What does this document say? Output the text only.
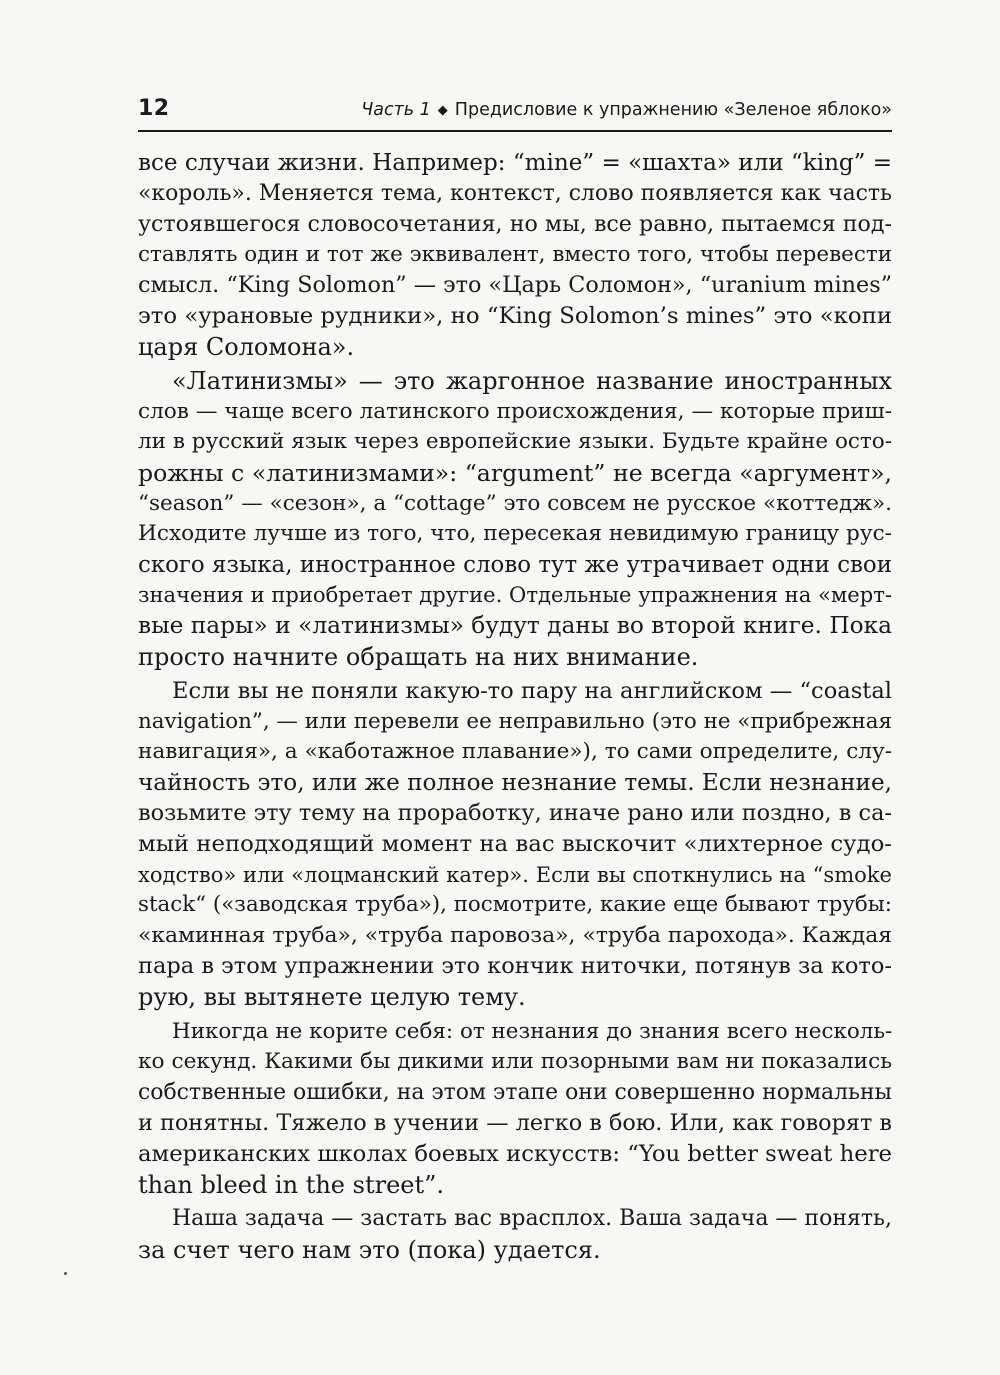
12	Часть 1 ◆ Предисловие к упражнению «Зеленое яблоко»
все случаи жизни. Например: “mine” = «шахта» или “king” =
«король». Меняется тема, контекст, слово появляется как часть
устоявшегося словосочетания, но мы, все равно, пытаемся под-
ставлять один и тот же эквивалент, вместо того, чтобы перевести
смысл. “King Solomon” — это «Царь Соломон», “uranium mines”
это «урановые рудники», но “King Solomon’s mines” это «копи
царя Соломона».
«Латинизмы» — это жаргонное название иностранных
слов — чаще всего латинского происхождения, — которые приш-
ли в русский язык через европейские языки. Будьте крайне осто-
рожны с «латинизмами»: “argument” не всегда «аргумент»,
“season” — «сезон», а “cottage” это совсем не русское «коттедж».
Исходите лучше из того, что, пересекая невидимую границу рус-
ского языка, иностранное слово тут же утрачивает одни свои
значения и приобретает другие. Отдельные упражнения на «мерт-
вые пары» и «латинизмы» будут даны во второй книге. Пока
просто начните обращать на них внимание.
Если вы не поняли какую-то пару на английском — “coastal
navigation”, — или перевели ее неправильно (это не «прибрежная
навигация», а «каботажное плавание»), то сами определите, слу-
чайность это, или же полное незнание темы. Если незнание,
возьмите эту тему на проработку, иначе рано или поздно, в са-
мый неподходящий момент на вас выскочит «лихтерное судо-
ходство» или «лоцманский катер». Если вы споткнулись на “smoke
stack“ («заводская труба»), посмотрите, какие еще бывают трубы:
«каминная труба», «труба паровоза», «труба парохода». Каждая
пара в этом упражнении это кончик ниточки, потянув за кото-
рую, вы вытянете целую тему.
Никогда не корите себя: от незнания до знания всего несколь-
ко секунд. Какими бы дикими или позорными вам ни показались
собственные ошибки, на этом этапе они совершенно нормальны
и понятны. Тяжело в учении — легко в бою. Или, как говорят в
американских школах боевых искусств: “You better sweat here
than bleed in the street”.
Наша задача — застать вас врасплох. Ваша задача — понять,
за счет чего нам это (пока) удается.
